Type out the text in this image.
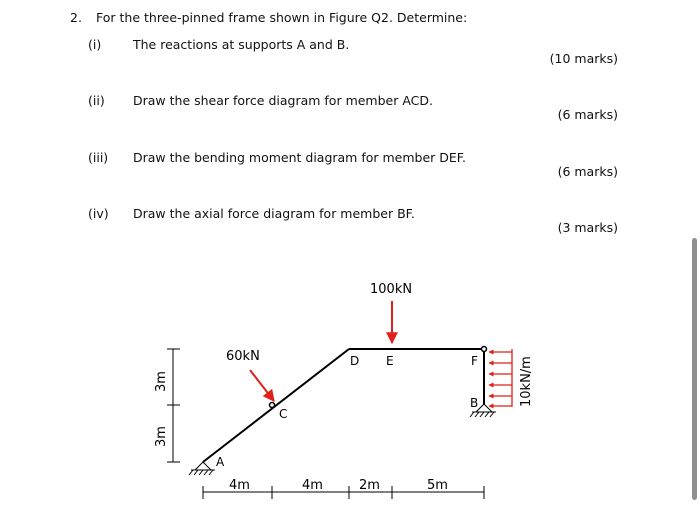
2. For the three-pinned frame shown in Figure Q2. Determine:
(i)	The reactions at supports A and B.
(10 marks)
(ii) Draw the shear force diagram for member ACD.
(6 marks)
(iii) Draw the bending moment diagram for member DEF.
(6 marks)
(iv) Draw the axial force diagram for member BF.
(3 marks)
A
C
D E	F
B
100kN
60kN	10kN/m
4m	4m	2m	5m
3m
3m
